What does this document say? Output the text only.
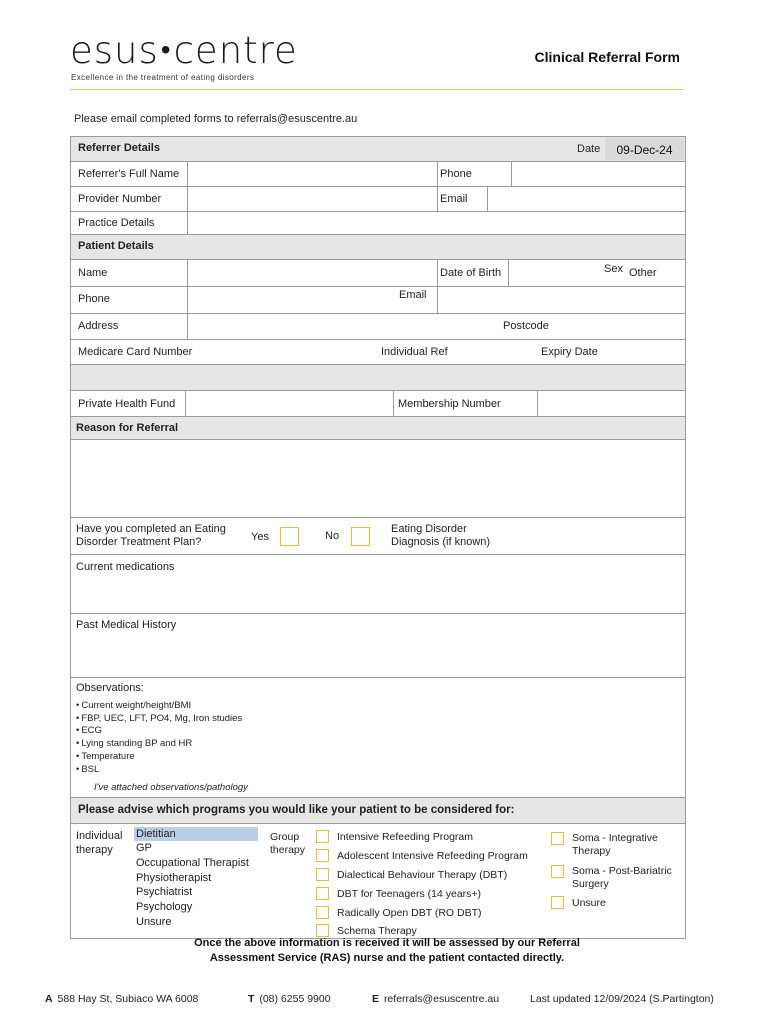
esus•centre
Excellence in the treatment of eating disorders
Clinical Referral Form
Please email completed forms to referrals@esuscentre.au
Referrer Details	Date	09-Dec-24
Referrer's Full Name	Phone
Provider Number	Email
Practice Details
Patient Details
Name	Date of Birth	Sex Other
Phone	Email
Address	Postcode
Medicare Card Number	Individual Ref	Expiry Date
Private Health Fund	Membership Number
Reason for Referral
Have you completed an Eating
Disorder Treatment Plan?	Yes	No
Eating Disorder
Diagnosis (if known)
Current medications
Past Medical History
Observations:
• Current weight/height/BMI
• FBP, UEC, LFT, PO4, Mg, Iron studies
• ECG
• Lying standing BP and HR
• Temperature
• BSL
I've attached observations/pathology
Please advise which programs you would like your patient to be considered for:
Individual
therapy
Dietitian
GP
Occupational Therapist
Physiotherapist
Psychiatrist
Psychology
Unsure
Group
therapy
Intensive Refeeding Program
Adolescent Intensive Refeeding Program
Dialectical Behaviour Therapy (DBT)
DBT for Teenagers (14 years+)
Radically Open DBT (RO DBT)
Schema Therapy
Soma - Integrative
Therapy
Soma - Post-Bariatric
Surgery
Unsure
Once the above information is received it will be assessed by our Referral
Assessment Service (RAS) nurse and the patient contacted directly.
A 588 Hay St, Subiaco WA 6008	T (08) 6255 9900	E referrals@esuscentre.au	Last updated 12/09/2024 (S.Partington)
